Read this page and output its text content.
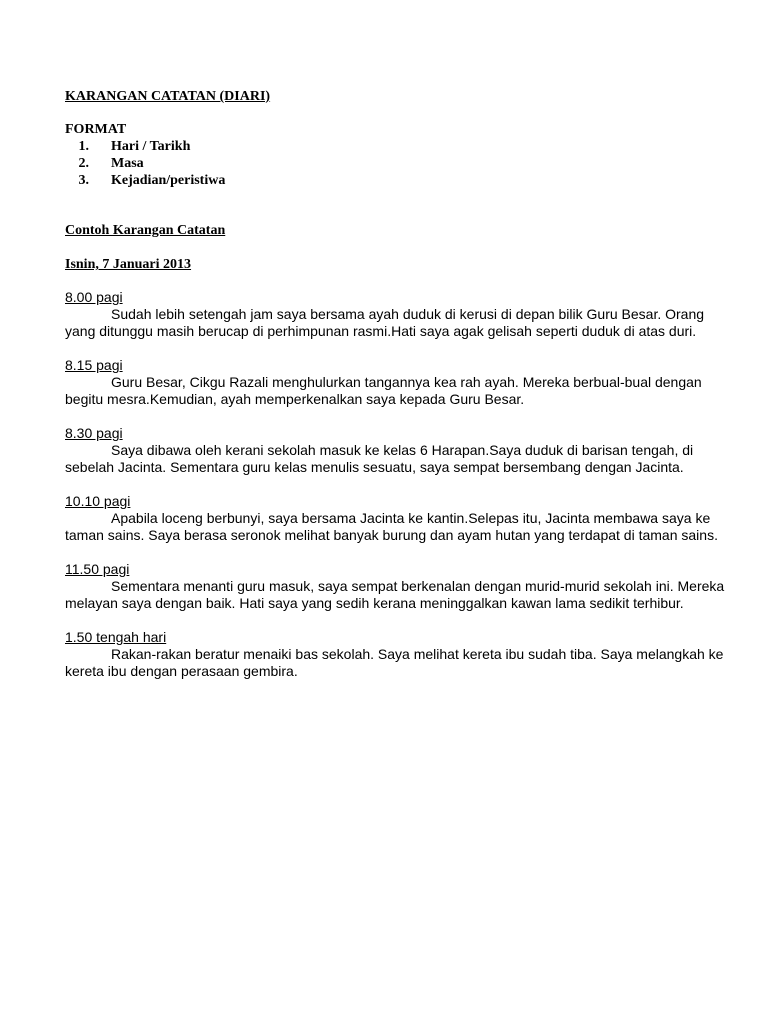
KARANGAN CATATAN (DIARI)
FORMAT
1. Hari / Tarikh
2. Masa
3. Kejadian/peristiwa
Contoh Karangan Catatan
Isnin, 7 Januari 2013
8.00 pagi

Sudah lebih setengah jam saya bersama ayah duduk di kerusi di depan bilik Guru Besar. Orang yang ditunggu masih berucap di perhimpunan rasmi.Hati saya agak gelisah seperti duduk di atas duri.

8.15 pagi

Guru Besar, Cikgu Razali menghulurkan tangannya kea rah ayah. Mereka berbual-bual dengan begitu mesra.Kemudian, ayah memperkenalkan saya kepada Guru Besar.

8.30 pagi

Saya dibawa oleh kerani sekolah masuk ke kelas 6 Harapan.Saya duduk di barisan tengah, di sebelah Jacinta. Sementara guru kelas menulis sesuatu, saya sempat bersembang dengan Jacinta.

10.10 pagi

Apabila loceng berbunyi, saya bersama Jacinta ke kantin.Selepas itu, Jacinta membawa saya ke taman sains. Saya berasa seronok melihat banyak burung dan ayam hutan yang terdapat di taman sains.

11.50 pagi

Sementara menanti guru masuk, saya sempat berkenalan dengan murid-murid sekolah ini. Mereka melayan saya dengan baik. Hati saya yang sedih kerana meninggalkan kawan lama sedikit terhibur.

1.50 tengah hari

Rakan-rakan beratur menaiki bas sekolah. Saya melihat kereta ibu sudah tiba. Saya melangkah ke kereta ibu dengan perasaan gembira.
